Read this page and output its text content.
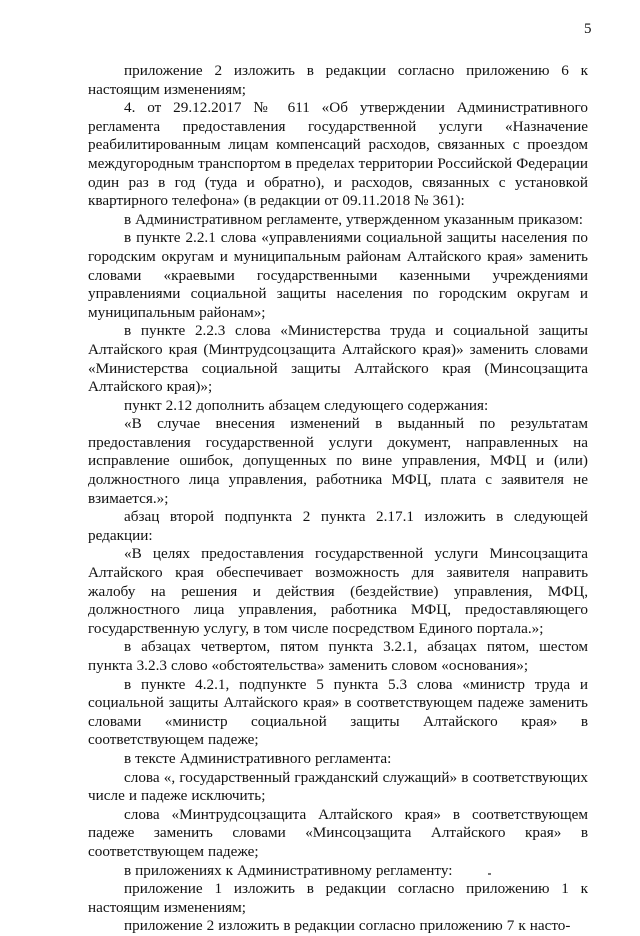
5

приложение 2 изложить в редакции согласно приложению 6 к настоящим изменениям;

4. от 29.12.2017 № 611 «Об утверждении Административного регламента предоставления государственной услуги «Назначение реабилитированным лицам компенсаций расходов, связанных с проездом междугородным транспортом в пределах территории Российской Федерации один раз в год (туда и обратно), и расходов, связанных с установкой квартирного телефона» (в редакции от 09.11.2018 № 361):

в Административном регламенте, утвержденном указанным приказом:

в пункте 2.2.1 слова «управлениями социальной защиты населения по городским округам и муниципальным районам Алтайского края» заменить словами «краевыми государственными казенными учреждениями управлениями социальной защиты населения по городским округам и муниципальным районам»;

в пункте 2.2.3 слова «Министерства труда и социальной защиты Алтайского края (Минтрудсоцзащита Алтайского края)» заменить словами «Министерства социальной защиты Алтайского края (Минсоцзащита Алтайского края)»;

пункт 2.12 дополнить абзацем следующего содержания:

«В случае внесения изменений в выданный по результатам предоставления государственной услуги документ, направленных на исправление ошибок, допущенных по вине управления, МФЦ и (или) должностного лица управления, работника МФЦ, плата с заявителя не взимается.»;

абзац второй подпункта 2 пункта 2.17.1 изложить в следующей редакции:

«В целях предоставления государственной услуги Минсоцзащита Алтайского края обеспечивает возможность для заявителя направить жалобу на решения и действия (бездействие) управления, МФЦ, должностного лица управления, работника МФЦ, предоставляющего государственную услугу, в том числе посредством Единого портала.»;

в абзацах четвертом, пятом пункта 3.2.1, абзацах пятом, шестом пункта 3.2.3 слово «обстоятельства» заменить словом «основания»;

в пункте 4.2.1, подпункте 5 пункта 5.3 слова «министр труда и социальной защиты Алтайского края» в соответствующем падеже заменить словами «министр социальной защиты Алтайского края» в соответствующем падеже;

в тексте Административного регламента:

слова «, государственный гражданский служащий» в соответствующих числе и падеже исключить;

слова «Минтрудсоцзащита Алтайского края» в соответствующем падеже заменить словами «Минсоцзащита Алтайского края» в соответствующем падеже;

в приложениях к Административному регламенту:

приложение 1 изложить в редакции согласно приложению 1 к настоящим изменениям;

приложение 2 изложить в редакции согласно приложению 7 к насто-
